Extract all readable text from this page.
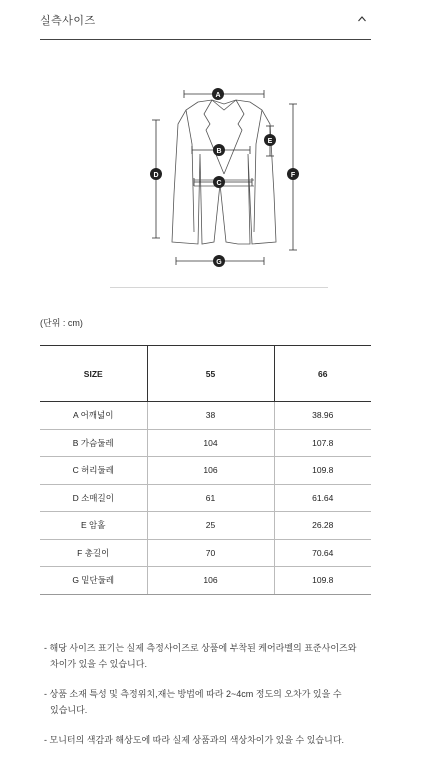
실측사이즈
A
B
C
D
E
F
G
(단위 : cm)
SIZE	55	66
A 어깨넓이	38	38.96
B 가슴둘레	104	107.8
C 허리둘레	106	109.8
D 소매길이	61	61.64
E 암홀	25	26.28
F 총길이	70	70.64
G 밑단둘레	106	109.8
- 해당 사이즈 표기는 실제 측정사이즈로 상품에 부착된 케어라벨의 표준사이즈와
차이가 있을 수 있습니다.
- 상품 소재 특성 및 측정위치,재는 방법에 따라 2~4cm 정도의 오차가 있을 수
있습니다.
- 모니터의 색감과 해상도에 따라 실제 상품과의 색상차이가 있을 수 있습니다.
